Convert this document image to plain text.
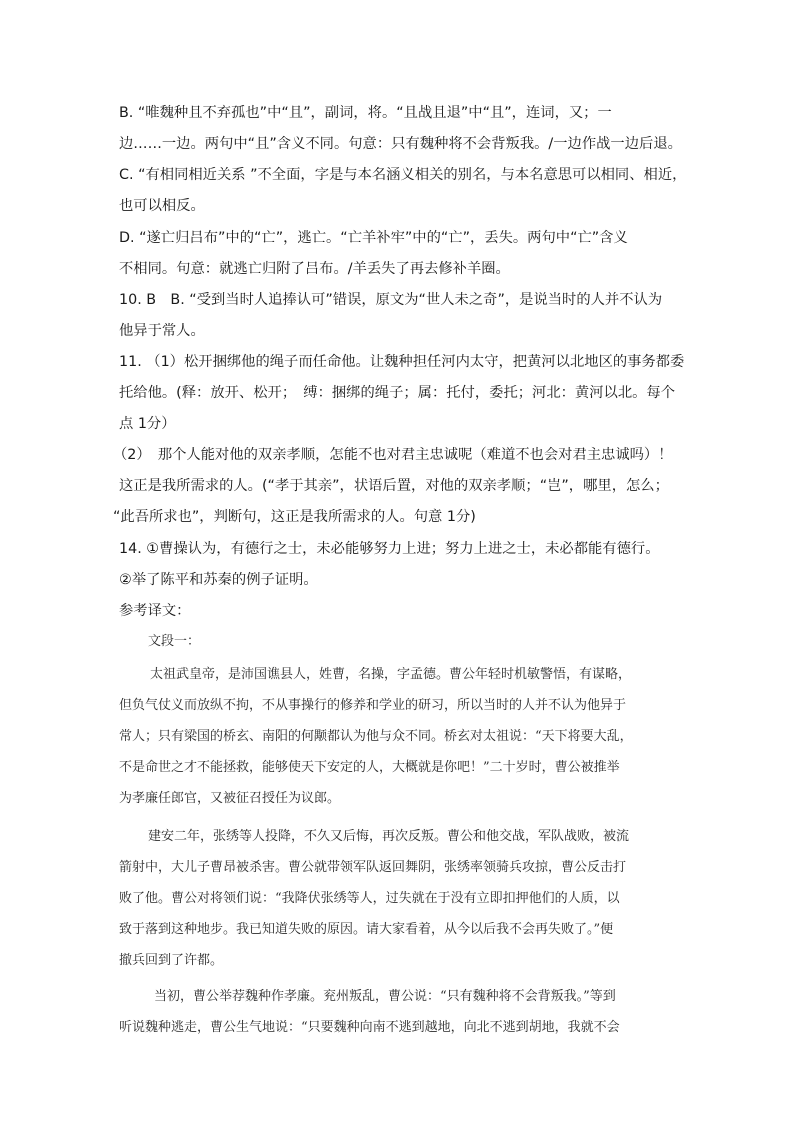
B. “唯魏种且不弃孤也”中“且”，副词，将。“且战且退”中“且”，连词，又；一
边……一边。两句中“且”含义不同。句意：只有魏种将不会背叛我。/一边作战一边后退。
C. “有相同相近关系 ”不全面，字是与本名涵义相关的别名，与本名意思可以相同、相近，
也可以相反。
D. “遂亡归吕布”中的“亡”，逃亡。“亡羊补牢”中的“亡”，丢失。两句中“亡”含义
不相同。句意：就逃亡归附了吕布。/羊丢失了再去修补羊圈。
10. B　B. “受到当时人追捧认可”错误，原文为“世人未之奇”，是说当时的人并不认为
他异于常人。
11. （1）松开捆绑他的绳子而任命他。让魏种担任河内太守，把黄河以北地区的事务都委
托给他。(释：放开、松开；　缚：捆绑的绳子；属：托付，委托；河北：黄河以北。每个
点 1分）
（2）　那个人能对他的双亲孝顺，怎能不也对君主忠诚呢（难道不也会对君主忠诚吗）！
这正是我所需求的人。(“孝于其亲”，状语后置，对他的双亲孝顺；“岂”，哪里，怎么；
“此吾所求也”，判断句，这正是我所需求的人。句意 1分)
14. ①曹操认为，有德行之士，未必能够努力上进；努力上进之士，未必都能有德行。
②举了陈平和苏秦的例子证明。
参考译文：
文段一：
太祖武皇帝，是沛国谯县人，姓曹，名操，字孟德。曹公年轻时机敏警悟，有谋略，
但负气仗义而放纵不拘，不从事操行的修养和学业的研习，所以当时的人并不认为他异于
常人；只有梁国的桥玄、南阳的何颙都认为他与众不同。桥玄对太祖说：“天下将要大乱，
不是命世之才不能拯救，能够使天下安定的人，大概就是你吧！”二十岁时，曹公被推举
为孝廉任郎官，又被征召授任为议郎。
建安二年，张绣等人投降，不久又后悔，再次反叛。曹公和他交战，军队战败，被流
箭射中，大儿子曹昂被杀害。曹公就带领军队返回舞阴，张绣率领骑兵攻掠，曹公反击打
败了他。曹公对将领们说：“我降伏张绣等人，过失就在于没有立即扣押他们的人质，以
致于落到这种地步。我已知道失败的原因。请大家看着，从今以后我不会再失败了。”便
撤兵回到了许都。
当初，曹公举荐魏种作孝廉。兖州叛乱，曹公说：“只有魏种将不会背叛我。”等到
听说魏种逃走，曹公生气地说：“只要魏种向南不逃到越地，向北不逃到胡地，我就不会
